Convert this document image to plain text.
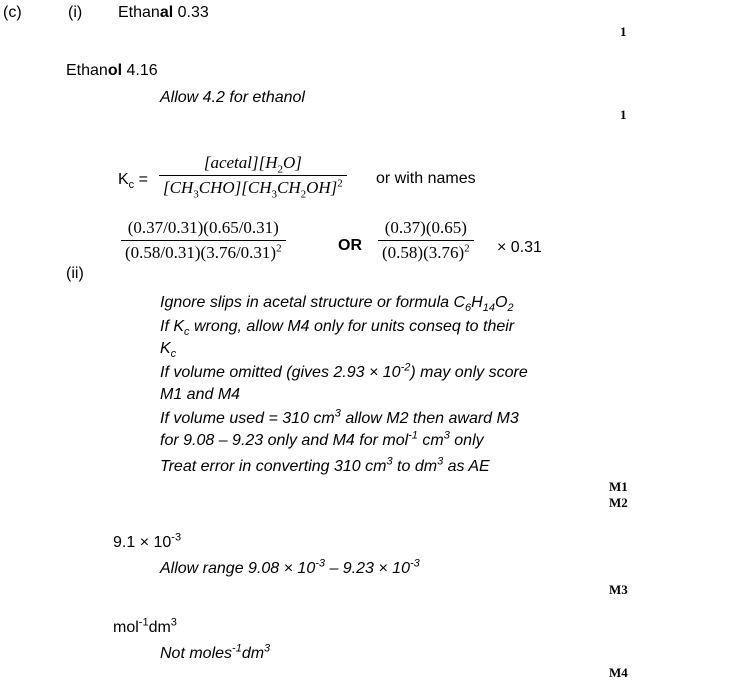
(c)	(i) Ethanal 0.33
1
Ethanol 4.16
Allow 4.2 for ethanol
1
$K_c$ =
$[acetal][H_2O]$
$[CH_3CHO][CH_3CH_2OH]^2$ or with names
$\frac{(0.37/0.31)(0.65/0.31)}{(0.58/0.31)(3.76/0.31)^2}$	OR $\frac{(0.37)(0.65)}{(0.58)(3.76)^2} \times 0.31$
(ii)
Ignore slips in acetal structure or formula $C_6H_{14}O_2$
If $K_c$ wrong, allow M4 only for units conseq to their
$K_c$
If volume omitted (gives $2.93 \times 10^{-2}$) may only score
M1 and M4
If volume used = 310 $cm^3$ allow M2 then award M3
for 9.08 – 9.23 only and M4 for mol$^{-1}$ $cm^3$ only
Treat error in converting 310 $cm^3$ to $dm^3$ as AE
M1
M2
$9.1 \times 10^{-3}$
Allow range $9.08 \times 10^{-3} - 9.23 \times 10^{-3}$
M3
$mol^{-1}dm^3$
Not $moles^{-1}dm^3$
M4
